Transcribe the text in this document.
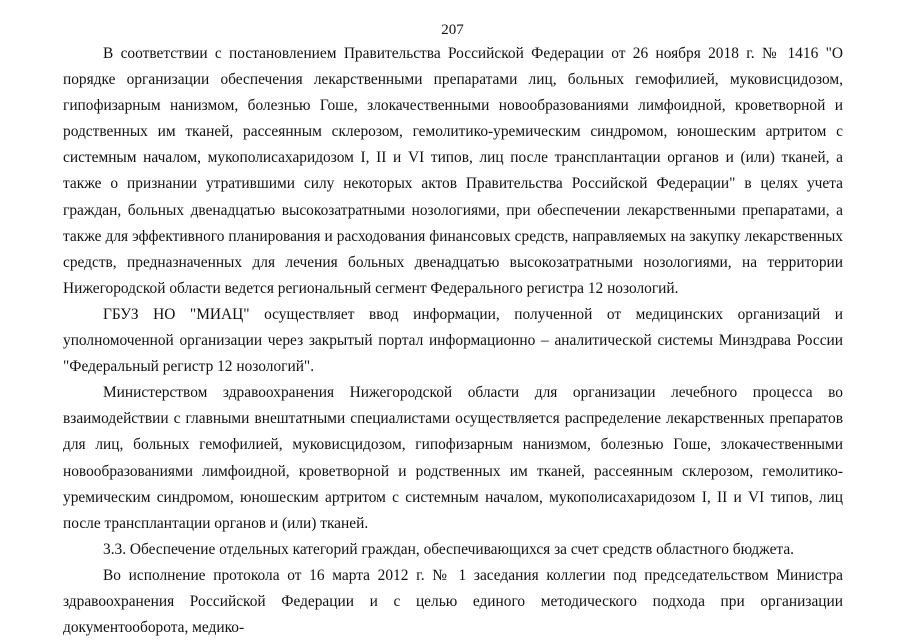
207

В соответствии с постановлением Правительства Российской Федерации от 26 ноября 2018 г. № 1416 "О порядке организации обеспечения лекарственными препаратами лиц, больных гемофилией, муковисцидозом, гипофизарным нанизмом, болезнью Гоше, злокачественными новообразованиями лимфоидной, кроветворной и родственных им тканей, рассеянным склерозом, гемолитико-уремическим синдромом, юношеским артритом с системным началом, мукополисахаридозом I, II и VI типов, лиц после трансплантации органов и (или) тканей, а также о признании утратившими силу некоторых актов Правительства Российской Федерации" в целях учета граждан, больных двенадцатью высокозатратными нозологиями, при обеспечении лекарственными препаратами, а также для эффективного планирования и расходования финансовых средств, направляемых на закупку лекарственных средств, предназначенных для лечения больных двенадцатью высокозатратными нозологиями, на территории Нижегородской области ведется региональный сегмент Федерального регистра 12 нозологий.

ГБУЗ НО "МИАЦ" осуществляет ввод информации, полученной от медицинских организаций и уполномоченной организации через закрытый портал информационно – аналитической системы Минздрава России "Федеральный регистр 12 нозологий".

Министерством здравоохранения Нижегородской области для организации лечебного процесса во взаимодействии с главными внештатными специалистами осуществляется распределение лекарственных препаратов для лиц, больных гемофилией, муковисцидозом, гипофизарным нанизмом, болезнью Гоше, злокачественными новообразованиями лимфоидной, кроветворной и родственных им тканей, рассеянным склерозом, гемолитико-уремическим синдромом, юношеским артритом с системным началом, мукополисахаридозом I, II и VI типов, лиц после трансплантации органов и (или) тканей.

3.3. Обеспечение отдельных категорий граждан, обеспечивающихся за счет средств областного бюджета.

Во исполнение протокола от 16 марта 2012 г. № 1 заседания коллегии под председательством Министра здравоохранения Российской Федерации и с целью единого методического подхода при организации документооборота, медико-
